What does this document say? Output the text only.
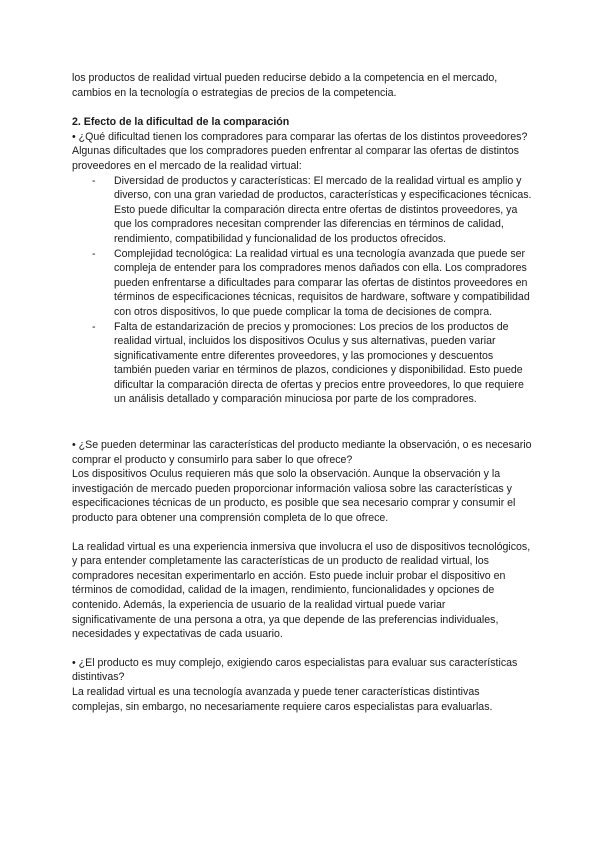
los productos de realidad virtual pueden reducirse debido a la competencia en el mercado, cambios en la tecnología o estrategias de precios de la competencia.

2. Efecto de la dificultad de la comparación

• ¿Qué dificultad tienen los compradores para comparar las ofertas de los distintos proveedores?

Algunas dificultades que los compradores pueden enfrentar al comparar las ofertas de distintos proveedores en el mercado de la realidad virtual:

- Diversidad de productos y características: El mercado de la realidad virtual es amplio y diverso, con una gran variedad de productos, características y especificaciones técnicas. Esto puede dificultar la comparación directa entre ofertas de distintos proveedores, ya que los compradores necesitan comprender las diferencias en términos de calidad, rendimiento, compatibilidad y funcionalidad de los productos ofrecidos.
- Complejidad tecnológica: La realidad virtual es una tecnología avanzada que puede ser compleja de entender para los compradores menos dañados con ella. Los compradores pueden enfrentarse a dificultades para comparar las ofertas de distintos proveedores en términos de especificaciones técnicas, requisitos de hardware, software y compatibilidad con otros dispositivos, lo que puede complicar la toma de decisiones de compra.
- Falta de estandarización de precios y promociones: Los precios de los productos de realidad virtual, incluidos los dispositivos Oculus y sus alternativas, pueden variar significativamente entre diferentes proveedores, y las promociones y descuentos también pueden variar en términos de plazos, condiciones y disponibilidad. Esto puede dificultar la comparación directa de ofertas y precios entre proveedores, lo que requiere un análisis detallado y comparación minuciosa por parte de los compradores.

• ¿Se pueden determinar las características del producto mediante la observación, o es necesario comprar el producto y consumirlo para saber lo que ofrece?

Los dispositivos Oculus requieren más que solo la observación. Aunque la observación y la investigación de mercado pueden proporcionar información valiosa sobre las características y especificaciones técnicas de un producto, es posible que sea necesario comprar y consumir el producto para obtener una comprensión completa de lo que ofrece.

La realidad virtual es una experiencia inmersiva que involucra el uso de dispositivos tecnológicos, y para entender completamente las características de un producto de realidad virtual, los compradores necesitan experimentarlo en acción. Esto puede incluir probar el dispositivo en términos de comodidad, calidad de la imagen, rendimiento, funcionalidades y opciones de contenido. Además, la experiencia de usuario de la realidad virtual puede variar significativamente de una persona a otra, ya que depende de las preferencias individuales, necesidades y expectativas de cada usuario.

• ¿El producto es muy complejo, exigiendo caros especialistas para evaluar sus características distintivas?

La realidad virtual es una tecnología avanzada y puede tener características distintivas complejas, sin embargo, no necesariamente requiere caros especialistas para evaluarlas.
